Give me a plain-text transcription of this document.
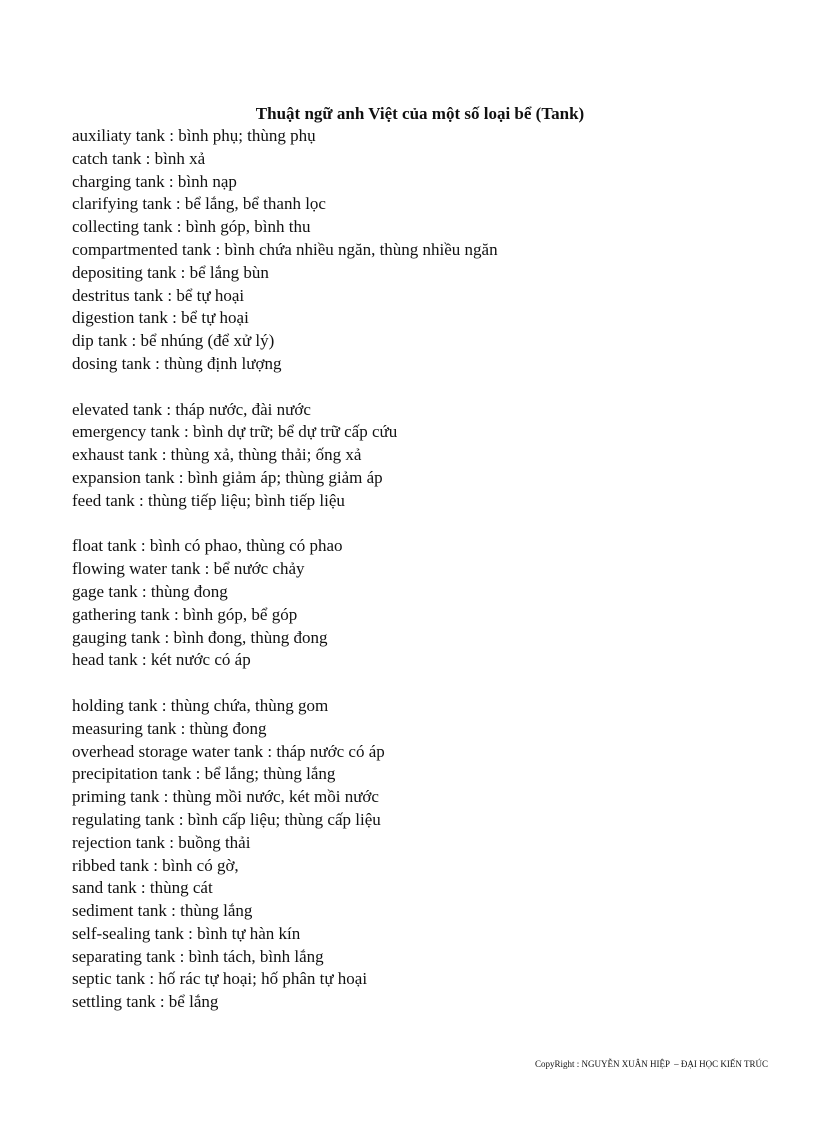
Thuật ngữ anh Việt của một số loại bể (Tank)
auxiliaty tank : bình phụ; thùng phụ
catch tank : bình xả
charging tank : bình nạp
clarifying tank : bể lắng, bể thanh lọc
collecting tank : bình góp, bình thu
compartmented tank : bình chứa nhiều ngăn, thùng nhiều ngăn
depositing tank : bể lắng bùn
destritus tank : bể tự hoại
digestion tank : bể tự hoại
dip tank : bể nhúng (để xử lý)
dosing tank : thùng định lượng
elevated tank : tháp nước, đài nước
emergency tank : bình dự trữ; bể dự trữ cấp cứu
exhaust tank : thùng xả, thùng thải; ống xả
expansion tank : bình giảm áp; thùng giảm áp
feed tank : thùng tiếp liệu; bình tiếp liệu
float tank : bình có phao, thùng có phao
flowing water tank : bể nước chảy
gage tank : thùng đong
gathering tank : bình góp, bể góp
gauging tank : bình đong, thùng đong
head tank : két nước có áp
holding tank : thùng chứa, thùng gom
measuring tank : thùng đong
overhead storage water tank : tháp nước có áp
precipitation tank : bể lắng; thùng lắng
priming tank : thùng mồi nước, két mồi nước
regulating tank : bình cấp liệu; thùng cấp liệu
rejection tank : buồng thải
ribbed tank : bình có gờ,
sand tank : thùng cát
sediment tank : thùng lắng
self-sealing tank : bình tự hàn kín
separating tank : bình tách, bình lắng
septic tank : hố rác tự hoại; hố phân tự hoại
settling tank : bể lắng
CopyRight : NGUYỄN XUÂN HIỆP  – ĐẠI HỌC KIẾN TRÚC
